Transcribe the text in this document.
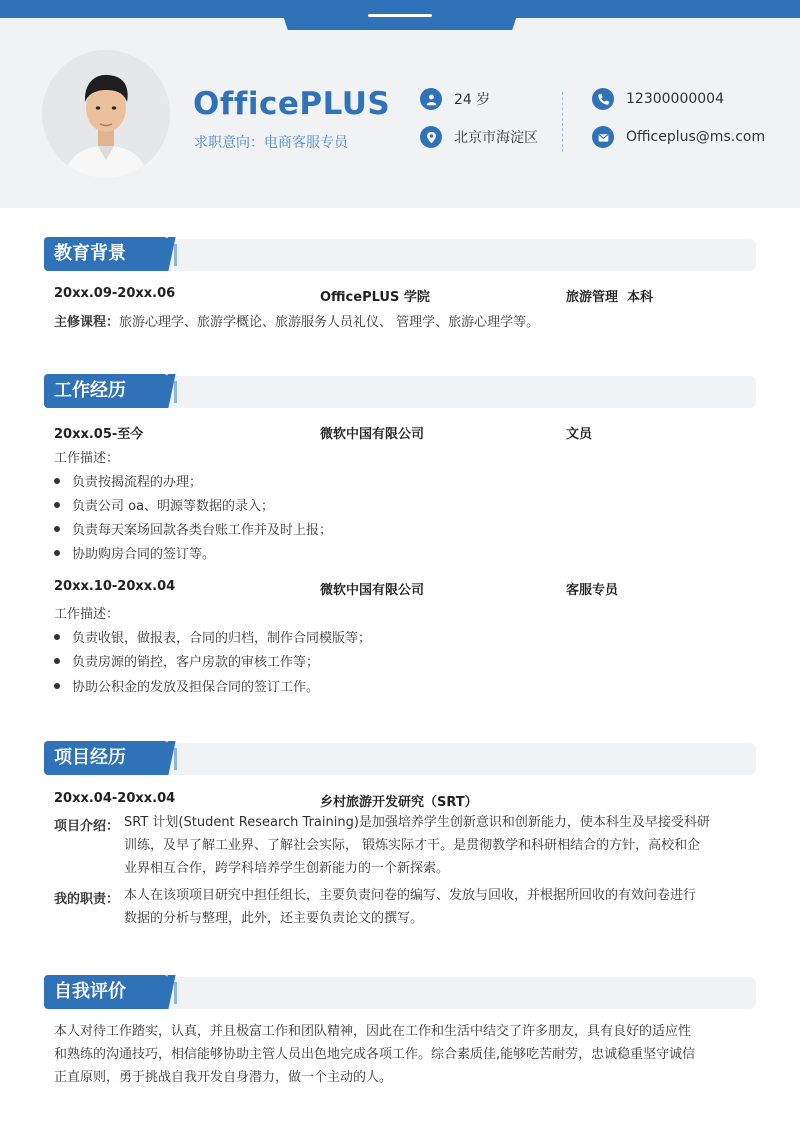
OfficePLUS
求职意向：电商客服专员
24 岁
北京市海淀区
12300000004
Officeplus@ms.com
教育背景
20xx.09-20xx.06	OfficePLUS 学院	旅游管理  本科
主修课程：旅游心理学、旅游学概论、旅游服务人员礼仪、 管理学、旅游心理学等。
工作经历
20xx.05-至今	微软中国有限公司	文员
工作描述：
负责按揭流程的办理；
负责公司 oa、明源等数据的录入；
负责每天案场回款各类台账工作并及时上报；
协助购房合同的签订等。
20xx.10-20xx.04	微软中国有限公司	客服专员
工作描述：
负责收银，做报表，合同的归档，制作合同模版等；
负责房源的销控，客户房款的审核工作等；
协助公积金的发放及担保合同的签订工作。
项目经历
20xx.04-20xx.04	乡村旅游开发研究（SRT）
项目介绍： SRT 计划(Student Research Training)是加强培养学生创新意识和创新能力，使本科生及早接受科研
训练，及早了解工业界、了解社会实际， 锻炼实际才干。是贯彻教学和科研相结合的方针，高校和企
业界相互合作，跨学科培养学生创新能力的一个新探索。
我的职责： 本人在该项项目研究中担任组长，主要负责问卷的编写、发放与回收，并根据所回收的有效问卷进行
数据的分析与整理，此外，还主要负责论文的撰写。
自我评价
本人对待工作踏实，认真，并且极富工作和团队精神，因此在工作和生活中结交了许多朋友，具有良好的适应性
和熟练的沟通技巧，相信能够协助主管人员出色地完成各项工作。综合素质佳,能够吃苦耐劳，忠诚稳重坚守诚信
正直原则，勇于挑战自我开发自身潜力，做一个主动的人。
